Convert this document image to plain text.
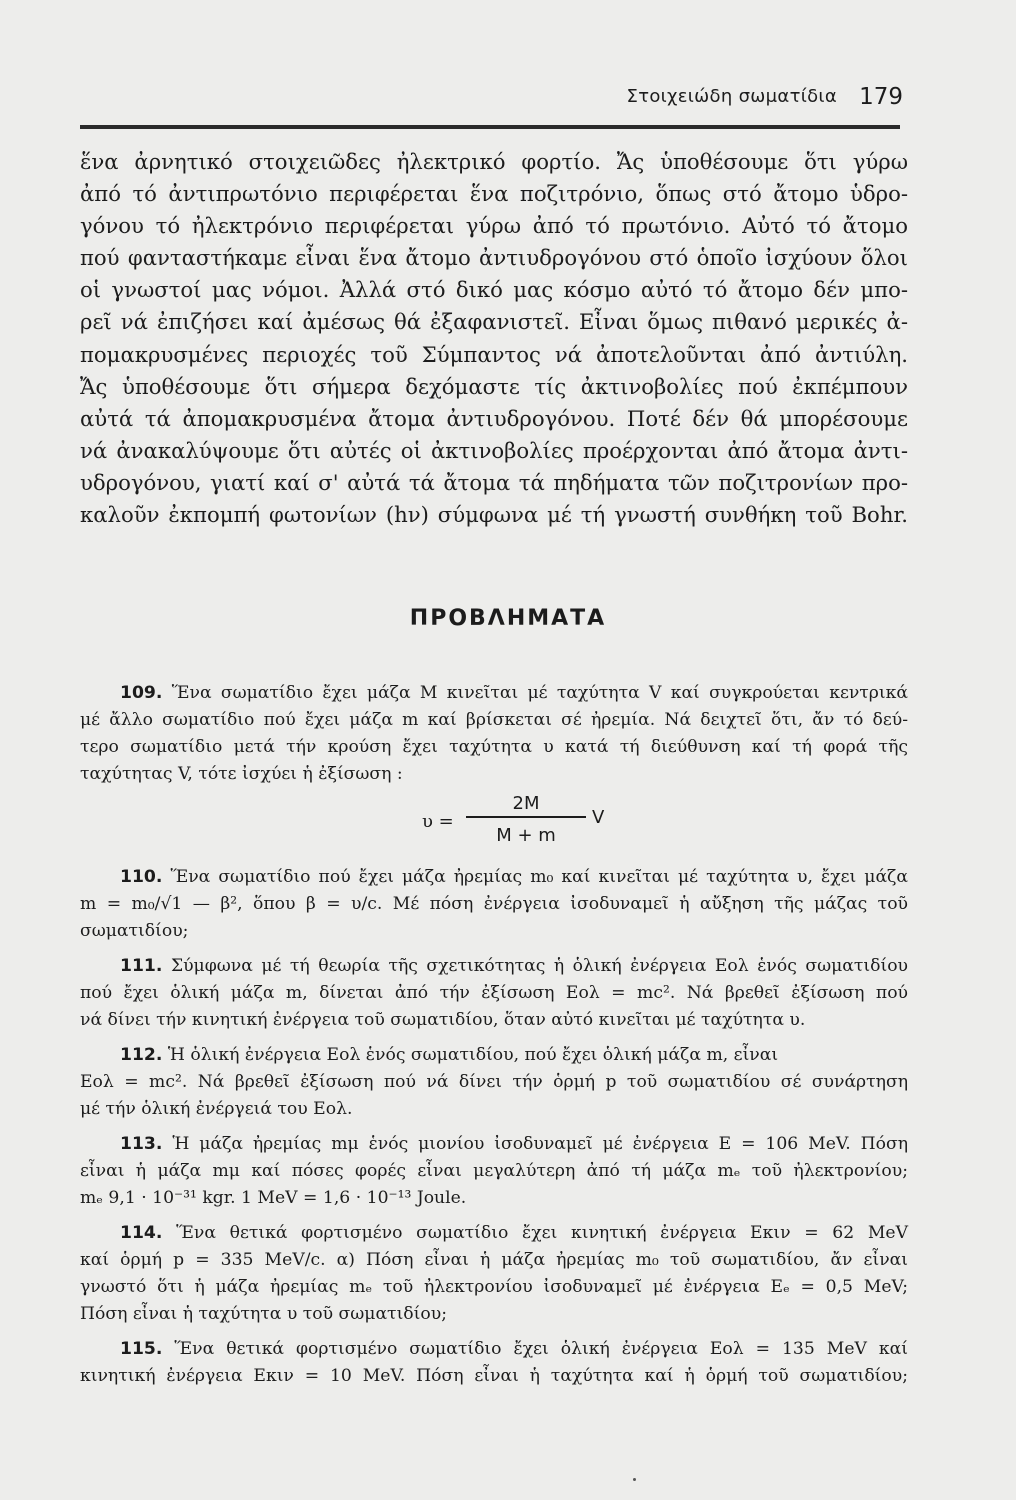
Στοιχειώδη σωματίδια 179
ἕνα ἀρνητικό στοιχειῶδες ἠλεκτρικό φορτίο. Ἄς ὑποθέσουμε ὅτι γύρω
ἀπό τό ἀντιπρωτόνιο περιφέρεται ἕνα ποζιτρόνιο, ὅπως στό ἄτομο ὑδρο-
γόνου τό ἠλεκτρόνιο περιφέρεται γύρω ἀπό τό πρωτόνιο. Αὐτό τό ἄτομο
πού φανταστήκαμε εἶναι ἕνα ἄτομο ἀντιυδρογόνου στό ὁποῖο ἰσχύουν ὅλοι
οἱ γνωστοί μας νόμοι. Ἀλλά στό δικό μας κόσμο αὐτό τό ἄτομο δέν μπο-
ρεῖ νά ἐπιζήσει καί ἀμέσως θά ἐξαφανιστεῖ. Εἶναι ὅμως πιθανό μερικές ἀ-
πομακρυσμένες περιοχές τοῦ Σύμπαντος νά ἀποτελοῦνται ἀπό ἀντιύλη.
Ἄς ὑποθέσουμε ὅτι σήμερα δεχόμαστε τίς ἀκτινοβολίες πού ἐκπέμπουν
αὐτά τά ἀπομακρυσμένα ἄτομα ἀντιυδρογόνου. Ποτέ δέν θά μπορέσουμε
νά ἀνακαλύψουμε ὅτι αὐτές οἱ ἀκτινοβολίες προέρχονται ἀπό ἄτομα ἀντι-
υδρογόνου, γιατί καί σ' αὐτά τά ἄτομα τά πηδήματα τῶν ποζιτρονίων προ-
καλοῦν ἐκπομπή φωτονίων (hν) σύμφωνα μέ τή γνωστή συνθήκη τοῦ Bohr.
ΠΡΟΒΛΗΜΑΤΑ
109. Ἕνα σωματίδιο ἔχει μάζα M κινεῖται μέ ταχύτητα V καί συγκρούεται κεντρικά
μέ ἄλλο σωματίδιο πού ἔχει μάζα m καί βρίσκεται σέ ἠρεμία. Νά δειχτεῖ ὅτι, ἄν τό δεύ-
τερο σωματίδιο μετά τήν κρούση ἔχει ταχύτητα υ κατά τή διεύθυνση καί τή φορά τῆς
ταχύτητας V, τότε ἰσχύει ἡ ἐξίσωση :
υ =
2M
M + m
V
110. Ἕνα σωματίδιο πού ἔχει μάζα ἠρεμίας m₀ καί κινεῖται μέ ταχύτητα υ, ἔχει μάζα
m = m₀/√1 — β², ὅπου β = υ/c. Μέ πόση ἐνέργεια ἰσοδυναμεῖ ἡ αὔξηση τῆς μάζας τοῦ
σωματιδίου;
111. Σύμφωνα μέ τή θεωρία τῆς σχετικότητας ἡ ὁλική ἐνέργεια Eολ ἑνός σωματιδίου
πού ἔχει ὁλική μάζα m, δίνεται ἀπό τήν ἐξίσωση Eολ = mc². Νά βρεθεῖ ἐξίσωση πού
νά δίνει τήν κινητική ἐνέργεια τοῦ σωματιδίου, ὅταν αὐτό κινεῖται μέ ταχύτητα υ.
112. Ἡ ὁλική ἐνέργεια Eολ ἑνός σωματιδίου, πού ἔχει ὁλική μάζα m, εἶναι
Eολ = mc². Νά βρεθεῖ ἐξίσωση πού νά δίνει τήν ὁρμή p τοῦ σωματιδίου σέ συνάρτηση
μέ τήν ὁλική ἐνέργειά του Eολ.
113. Ἡ μάζα ἠρεμίας mμ ἑνός μιονίου ἰσοδυναμεῖ μέ ἐνέργεια E = 106 MeV. Πόση
εἶναι ἡ μάζα mμ καί πόσες φορές εἶναι μεγαλύτερη ἀπό τή μάζα mₑ τοῦ ἠλεκτρονίου;
mₑ 9,1 · 10⁻³¹ kgr. 1 MeV = 1,6 · 10⁻¹³ Joule.
114. Ἕνα θετικά φορτισμένο σωματίδιο ἔχει κινητική ἐνέργεια Eκιν = 62 MeV
καί ὁρμή p = 335 MeV/c. α) Πόση εἶναι ἡ μάζα ἠρεμίας m₀ τοῦ σωματιδίου, ἄν εἶναι
γνωστό ὅτι ἡ μάζα ἠρεμίας mₑ τοῦ ἠλεκτρονίου ἰσοδυναμεῖ μέ ἐνέργεια Eₑ = 0,5 MeV;
Πόση εἶναι ἡ ταχύτητα υ τοῦ σωματιδίου;
115. Ἕνα θετικά φορτισμένο σωματίδιο ἔχει ὁλική ἐνέργεια Eολ = 135 MeV καί
κινητική ἐνέργεια Eκιν = 10 MeV. Πόση εἶναι ἡ ταχύτητα καί ἡ ὁρμή τοῦ σωματιδίου;
